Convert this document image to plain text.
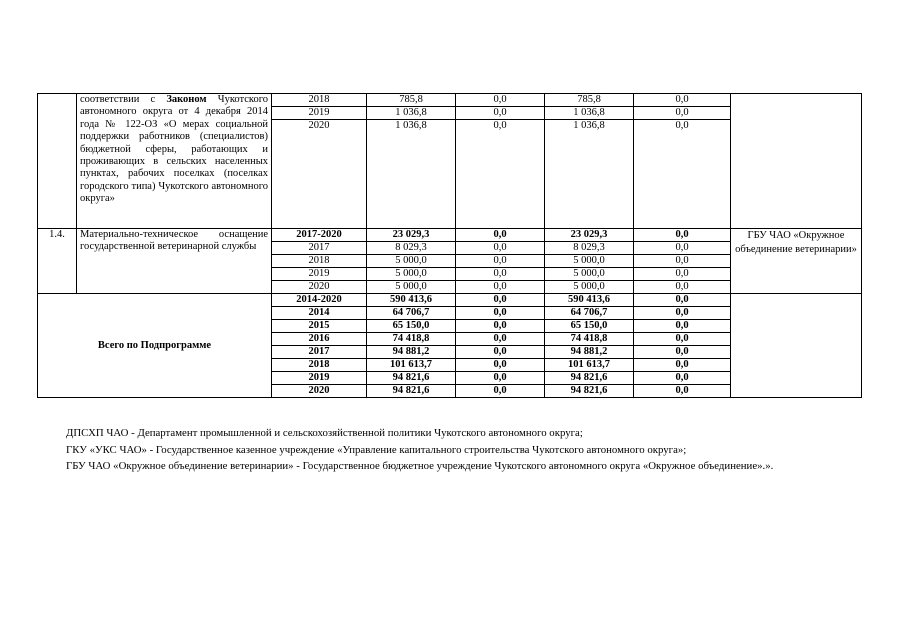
	соответствии с Законом Чукотского автономного округа от 4 декабря 2014 года № 122-ОЗ «О мерах социальной поддержки работников (специалистов) бюджетной сферы, работающих и проживающих в сельских населенных пунктах, рабочих поселках (поселках городского типа) Чукотского автономного округа»	2018	785,8	0,0	785,8	0,0	
		2019	1 036,8	0,0	1 036,8	0,0	
		2020	1 036,8	0,0	1 036,8	0,0	
1.4.	Материально-техническое оснащение государственной ветеринарной службы	2017-2020	23 029,3	0,0	23 029,3	0,0	ГБУ ЧАО «Окружное объединение ветеринарии»
		2017	8 029,3	0,0	8 029,3	0,0	
		2018	5 000,0	0,0	5 000,0	0,0	
		2019	5 000,0	0,0	5 000,0	0,0	
		2020	5 000,0	0,0	5 000,0	0,0	
Всего по Подпрограмме		2014-2020	590 413,6	0,0	590 413,6	0,0	
		2014	64 706,7	0,0	64 706,7	0,0	
		2015	65 150,0	0,0	65 150,0	0,0	
		2016	74 418,8	0,0	74 418,8	0,0	
		2017	94 881,2	0,0	94 881,2	0,0	
		2018	101 613,7	0,0	101 613,7	0,0	
		2019	94 821,6	0,0	94 821,6	0,0	
		2020	94 821,6	0,0	94 821,6	0,0	
ДПСХП ЧАО - Департамент промышленной и сельскохозяйственной политики Чукотского автономного округа;
ГКУ «УКС ЧАО» - Государственное казенное учреждение «Управление капитального строительства Чукотского автономного округа»;
ГБУ ЧАО «Окружное объединение ветеринарии» - Государственное бюджетное учреждение Чукотского автономного округа «Окружное объединение».».
